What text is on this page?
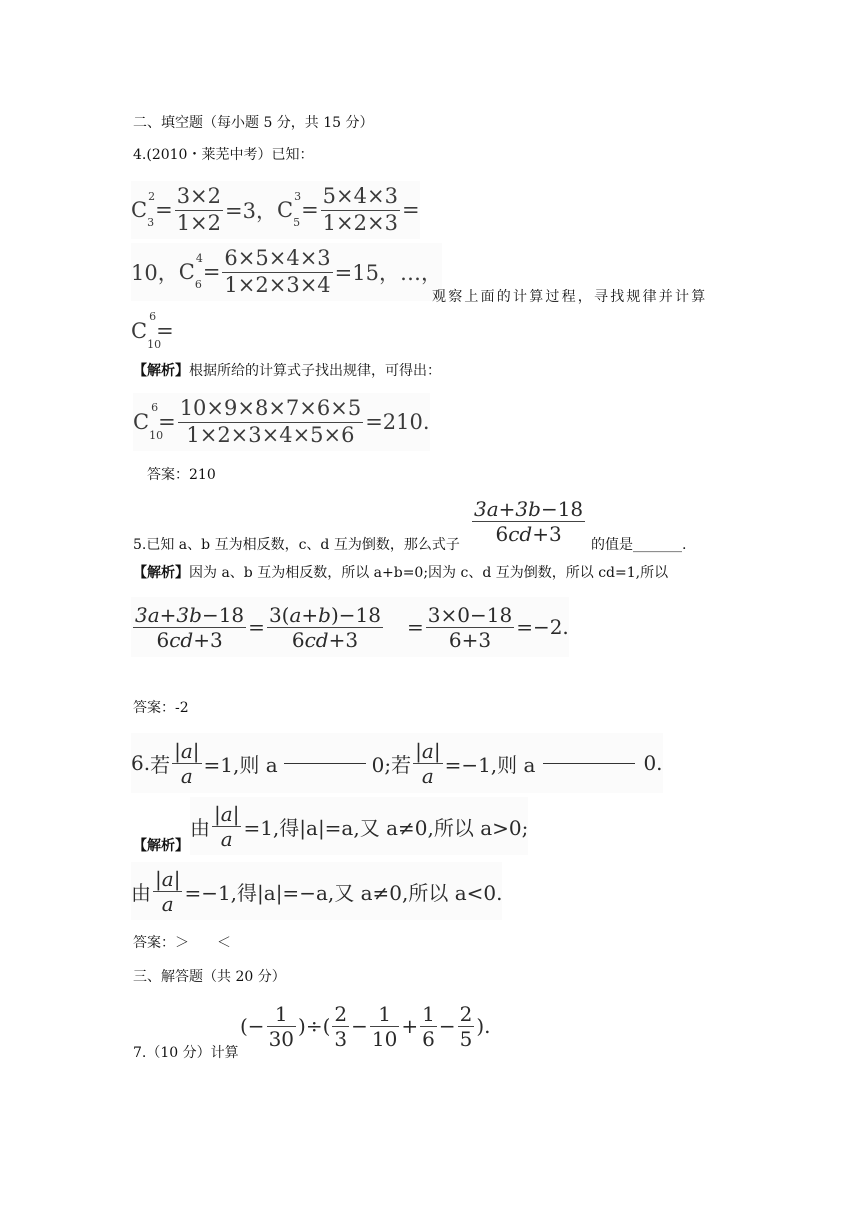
二、填空题（每小题 5 分，共 15 分）
4.(2010・莱芜中考）已知：
$C_3^2$
= $\frac{3\times 2}{1\times 2} =3$， $C_5^3$
= $\frac{5\times 4\times 3}{1\times 2\times 3}$ =
10， $C_6^4$
= $\frac{6\times 5\times 4\times 3}{1\times 2\times 3\times 4} =15$，…，
观察上面的计算过程，寻找规律并计算
$C_{10}^6$
=
【解析】根据所给的计算式子找出规律，可得出：
$C_{10}^6$
= $\frac{10\times 9\times 8\times 7\times 6\times 5}{1\times 2\times 3\times 4\times 5\times 6} =210$.
答案：210
$\frac{3a+3b-18}{6cd+3}$
5.已知 a、b 互为相反数，c、d 互为倒数，那么式子	的值是_______.
【解析】因为 a、b 互为相反数，所以 a+b=0;因为 c、d 互为倒数，所以 cd=1,所以
$\frac{3a+3b-18}{6cd+3} = \frac{3(a+b)-18}{6cd+3} = \frac{3\times 0-18}{6+3} =-2$.
答案：-2
6. 若 $\frac{|a|}{a} =1$,则 a	0;若 $\frac{|a|}{a} =-1$,则 a	0.
由 $\frac{|a|}{a} =1$,得|a|=a,又 a≠0,所以 a>0;
【解析】
由 $\frac{|a|}{a} =-1$,得|a|=−a,又 a≠0,所以 a<0.
答案：＞　　＜
三、解答题（共 20 分）
(− $\frac{1}{30}$ ) ÷( $\frac{2}{3} - \frac{1}{10} + \frac{1}{6} - \frac{2}{5}$ ).
7.（10 分）计算
